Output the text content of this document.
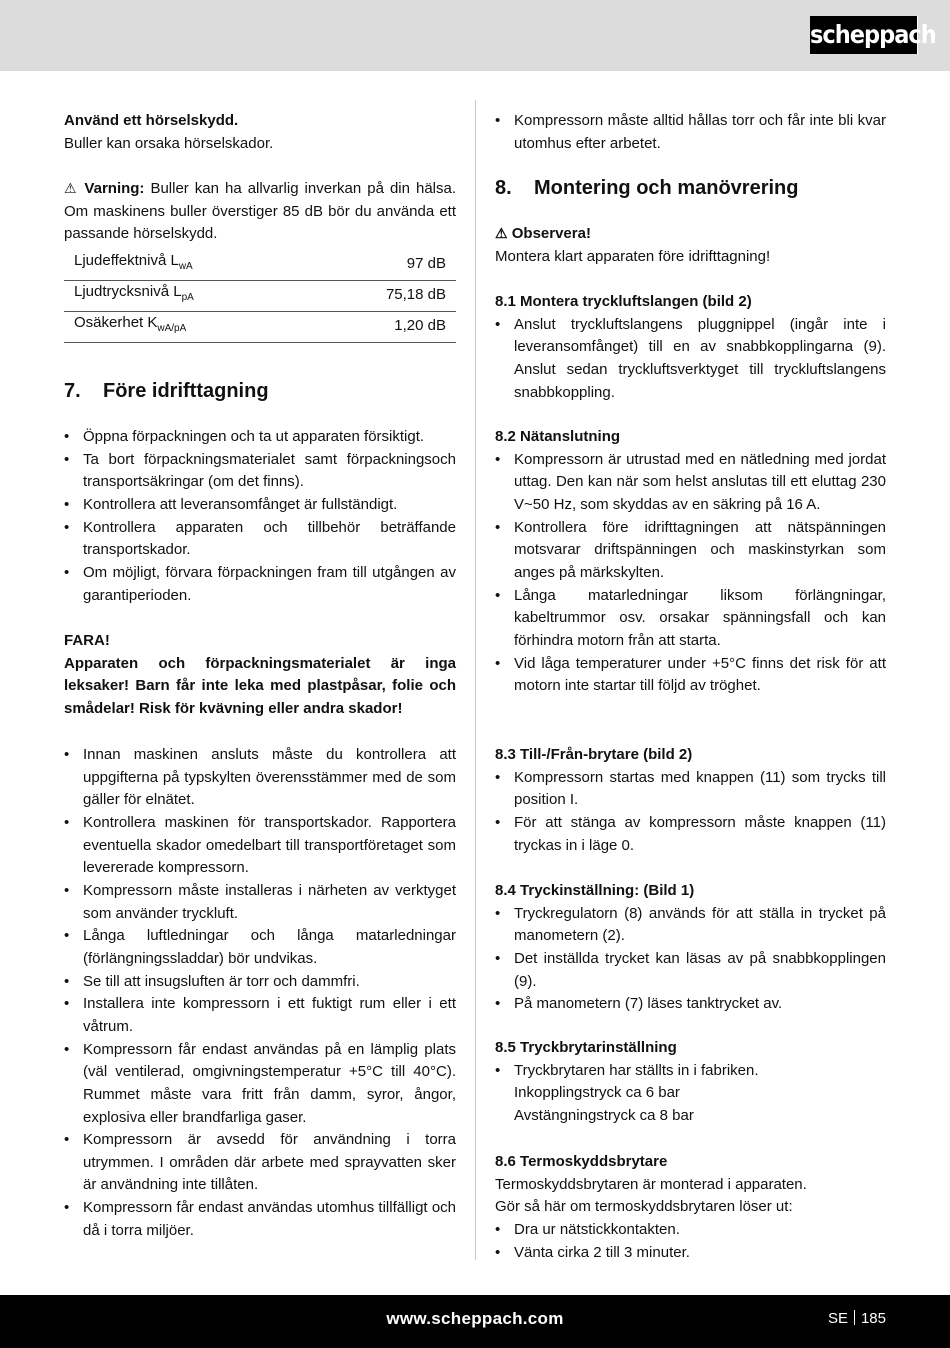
scheppach
Använd ett hörselskydd.
Buller kan orsaka hörselskador.

⚠ Varning: Buller kan ha allvarlig inverkan på din hälsa. Om maskinens buller överstiger 85 dB bör du använda ett passande hörselskydd.

Ljudeffektnivå $L_{wA}$	97 dB
Ljudtrycksnivå $L_{pA}$	75,18 dB
Osäkerhet $K_{wA/pA}$	1,20 dB
7. Före idrifttagning
• Öppna förpackningen och ta ut apparaten försiktigt.
• Ta bort förpackningsmaterialet samt förpackningsoch transportsäkringar (om det finns).
• Kontrollera att leveransomfånget är fullständigt.
• Kontrollera apparaten och tillbehör beträffande transportskador.
• Om möjligt, förvara förpackningen fram till utgången av garantiperioden.
FARA!

Apparaten och förpackningsmaterialet är inga leksaker! Barn får inte leka med plastpåsar, folie och smådelar! Risk för kvävning eller andra skador!

• Innan maskinen ansluts måste du kontrollera att uppgifterna på typskylten överensstämmer med de som gäller för elnätet.
• Kontrollera maskinen för transportskador. Rapportera eventuella skador omedelbart till transportföretaget som levererade kompressorn.
• Kompressorn måste installeras i närheten av verktyget som använder tryckluft.
• Långa luftledningar och långa matarledningar (förlängningssladdar) bör undvikas.
• Se till att insugsluften är torr och dammfri.
• Installera inte kompressorn i ett fuktigt rum eller i ett våtrum.
• Kompressorn får endast användas på en lämplig plats (väl ventilerad, omgivningstemperatur +5°C till 40°C). Rummet måste vara fritt från damm, syror, ångor, explosiva eller brandfarliga gaser.
• Kompressorn är avsedd för användning i torra utrymmen. I områden där arbete med sprayvatten sker är användning inte tillåten.
• Kompressorn får endast användas utomhus tillfälligt och då i torra miljöer.
• Kompressorn måste alltid hållas torr och får inte bli kvar utomhus efter arbetet.
8. Montering och manövrering
⚠ Observera!
Montera klart apparaten före idrifttagning!
8.1 Montera tryckluftslangen (bild 2)
• Anslut tryckluftslangens pluggnippel (ingår inte i leveransomfånget) till en av snabbkopplingarna (9). Anslut sedan tryckluftsverktyget till tryckluftslangens snabbkoppling.
8.2 Nätanslutning
• Kompressorn är utrustad med en nätledning med jordat uttag. Den kan när som helst anslutas till ett eluttag 230 V~50 Hz, som skyddas av en säkring på 16 A.
• Kontrollera före idrifttagningen att nätspänningen motsvarar driftspänningen och maskinstyrkan som anges på märkskylten.
• Långa matarledningar liksom förlängningar, kabeltrummor osv. orsakar spänningsfall och kan förhindra motorn från att starta.
• Vid låga temperaturer under +5°C finns det risk för att motorn inte startar till följd av tröghet.
8.3 Till-/Från-brytare (bild 2)
• Kompressorn startas med knappen (11) som trycks till position I.
• För att stänga av kompressorn måste knappen (11) tryckas in i läge 0.
8.4 Tryckinställning: (Bild 1)
• Tryckregulatorn (8) används för att ställa in trycket på manometern (2).
• Det inställda trycket kan läsas av på snabbkopplingen (9).
• På manometern (7) läses tanktrycket av.
8.5 Tryckbrytarinställning
• Tryckbrytaren har ställts in i fabriken.
Inkopplingstryck ca 6 bar
Avstängningstryck ca 8 bar
8.6 Termoskyddsbrytare
Termoskyddsbrytaren är monterad i apparaten.
Gör så här om termoskyddsbrytaren löser ut:
• Dra ur nätstickkontakten.
• Vänta cirka 2 till 3 minuter.
www.scheppach.com	SE 185
